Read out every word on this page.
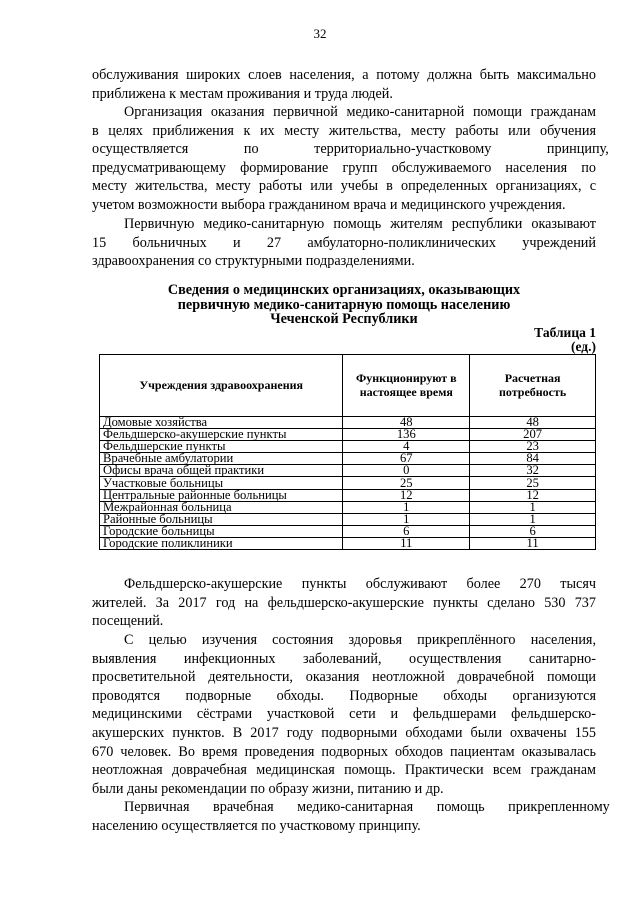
32
обслуживания широких слоев населения, а потому должна быть максимально
приближена к местам проживания и труда людей.
Организация оказания первичной медико-санитарной помощи гражданам
в целях приближения к их месту жительства, месту работы или обучения
осуществляется по территориально-участковому принципу,
предусматривающему формирование групп обслуживаемого населения по
месту жительства, месту работы или учебы в определенных организациях, с
учетом возможности выбора гражданином врача и медицинского учреждения.
Первичную медико-санитарную помощь жителям республики оказывают
15 больничных и 27 амбулаторно-поликлинических учреждений
здравоохранения со структурными подразделениями.
Сведения о медицинских организациях, оказывающих
первичную медико-санитарную помощь населению
Чеченской Республики
Таблица 1
(ед.)
Учреждения здравоохранения	Функционируют в настоящее время	Расчетная потребность
Домовые хозяйства	48	48
Фельдшерско-акушерские пункты	136	207
Фельдшерские пункты	4	23
Врачебные амбулатории	67	84
Офисы врача общей практики	0	32
Участковые больницы	25	25
Центральные районные больницы	12	12
Межрайонная больница	1	1
Районные больницы	1	1
Городские больницы	6	6
Городские поликлиники	11	11
Фельдшерско-акушерские пункты обслуживают более 270 тысяч
жителей. За 2017 год на фельдшерско-акушерские пункты сделано 530 737
посещений.
С целью изучения состояния здоровья прикреплённого населения,
выявления инфекционных заболеваний, осуществления санитарно-
просветительной деятельности, оказания неотложной доврачебной помощи
проводятся подворные обходы. Подворные обходы организуются
медицинскими сёстрами участковой сети и фельдшерами фельдшерско-
акушерских пунктов. В 2017 году подворными обходами были охвачены 155
670 человек. Во время проведения подворных обходов пациентам оказывалась
неотложная доврачебная медицинская помощь. Практически всем гражданам
были даны рекомендации по образу жизни, питанию и др.
Первичная врачебная медико-санитарная помощь прикрепленному
населению осуществляется по участковому принципу.
